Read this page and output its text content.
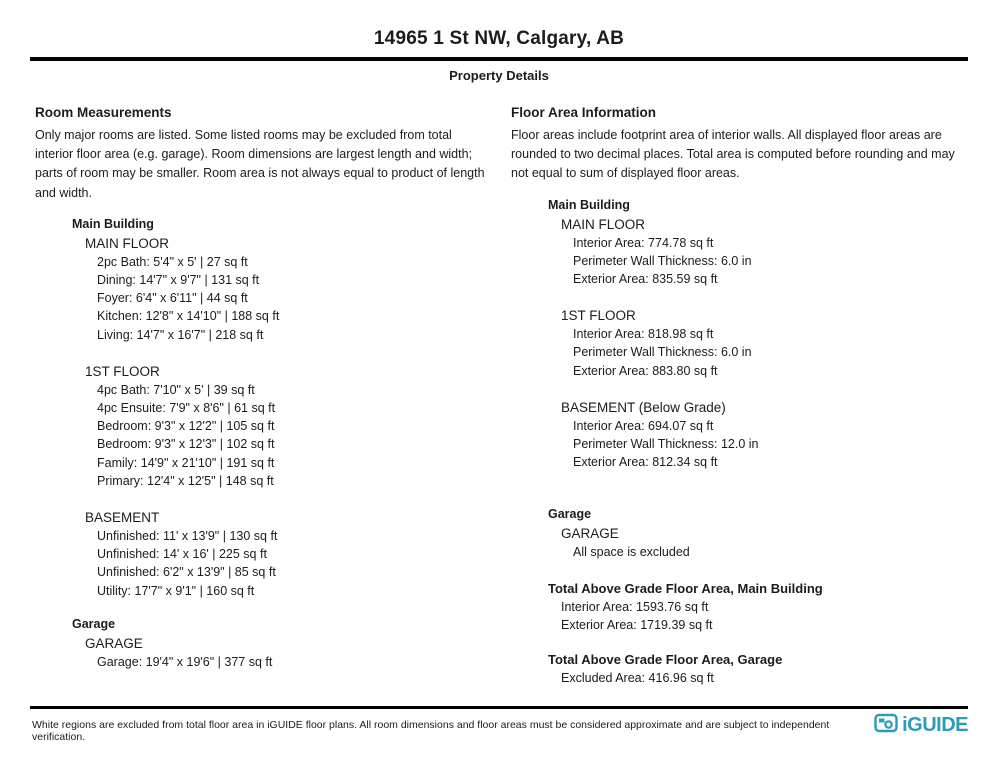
14965 1 St NW, Calgary, AB
Property Details
Room Measurements
Only major rooms are listed. Some listed rooms may be excluded from total interior floor area (e.g. garage). Room dimensions are largest length and width; parts of room may be smaller. Room area is not always equal to product of length and width.
Main Building
MAIN FLOOR
2pc Bath: 5'4" x 5' | 27 sq ft
Dining: 14'7" x 9'7" | 131 sq ft
Foyer: 6'4" x 6'11" | 44 sq ft
Kitchen: 12'8" x 14'10" | 188 sq ft
Living: 14'7" x 16'7" | 218 sq ft
1ST FLOOR
4pc Bath: 7'10" x 5' | 39 sq ft
4pc Ensuite: 7'9" x 8'6" | 61 sq ft
Bedroom: 9'3" x 12'2" | 105 sq ft
Bedroom: 9'3" x 12'3" | 102 sq ft
Family: 14'9" x 21'10" | 191 sq ft
Primary: 12'4" x 12'5" | 148 sq ft
BASEMENT
Unfinished: 11' x 13'9" | 130 sq ft
Unfinished: 14' x 16' | 225 sq ft
Unfinished: 6'2" x 13'9" | 85 sq ft
Utility: 17'7" x 9'1" | 160 sq ft
Garage
GARAGE
Garage: 19'4" x 19'6" | 377 sq ft
Floor Area Information
Floor areas include footprint area of interior walls. All displayed floor areas are rounded to two decimal places. Total area is computed before rounding and may not equal to sum of displayed floor areas.
Main Building
MAIN FLOOR
Interior Area: 774.78 sq ft
Perimeter Wall Thickness: 6.0 in
Exterior Area: 835.59 sq ft
1ST FLOOR
Interior Area: 818.98 sq ft
Perimeter Wall Thickness: 6.0 in
Exterior Area: 883.80 sq ft
BASEMENT (Below Grade)
Interior Area: 694.07 sq ft
Perimeter Wall Thickness: 12.0 in
Exterior Area: 812.34 sq ft
Garage
GARAGE
All space is excluded
Total Above Grade Floor Area, Main Building
Interior Area: 1593.76 sq ft
Exterior Area: 1719.39 sq ft
Total Above Grade Floor Area, Garage
Excluded Area: 416.96 sq ft
White regions are excluded from total floor area in iGUIDE floor plans. All room dimensions and floor areas must be considered approximate and are subject to independent verification.
iGUIDE
